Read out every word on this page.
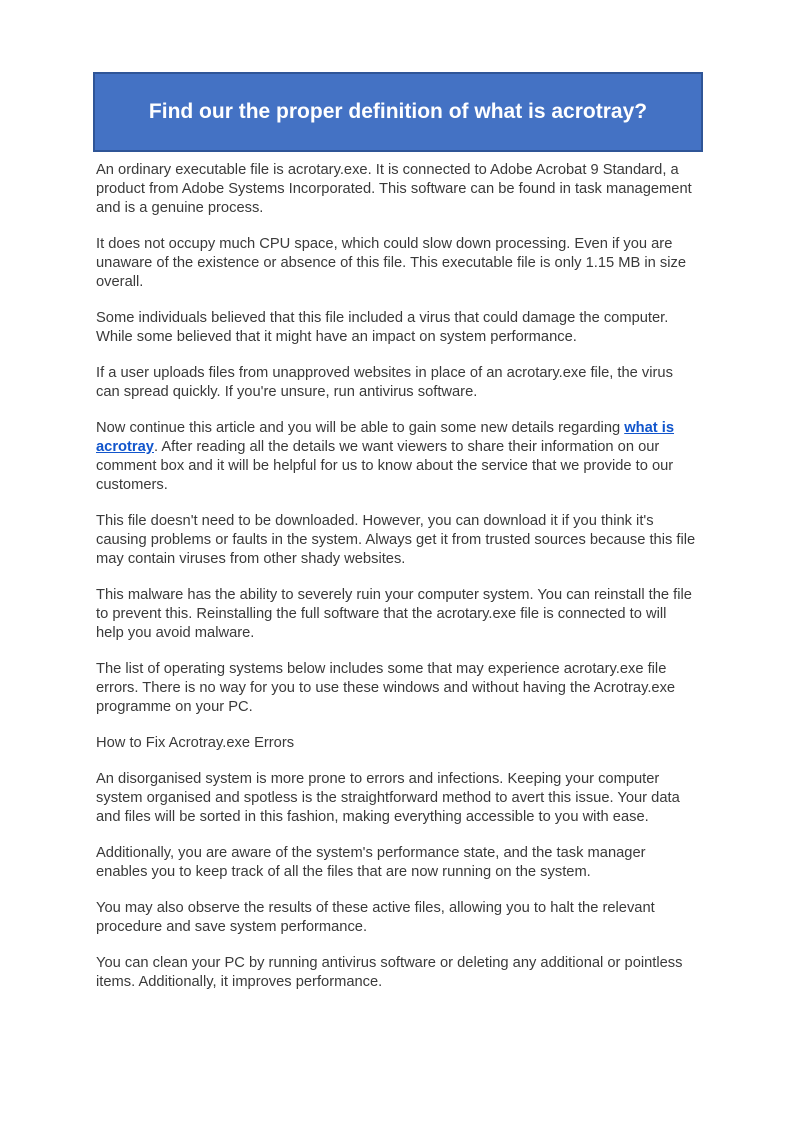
Find our the proper definition of what is acrotray?

An ordinary executable file is acrotary.exe. It is connected to Adobe Acrobat 9 Standard, a product from Adobe Systems Incorporated. This software can be found in task management and is a genuine process.

It does not occupy much CPU space, which could slow down processing. Even if you are unaware of the existence or absence of this file. This executable file is only 1.15 MB in size overall.

Some individuals believed that this file included a virus that could damage the computer. While some believed that it might have an impact on system performance.

If a user uploads files from unapproved websites in place of an acrotary.exe file, the virus can spread quickly. If you're unsure, run antivirus software.

Now continue this article and you will be able to gain some new details regarding what is acrotray. After reading all the details we want viewers to share their information on our comment box and it will be helpful for us to know about the service that we provide to our customers.

This file doesn't need to be downloaded. However, you can download it if you think it's causing problems or faults in the system. Always get it from trusted sources because this file may contain viruses from other shady websites.

This malware has the ability to severely ruin your computer system. You can reinstall the file to prevent this. Reinstalling the full software that the acrotary.exe file is connected to will help you avoid malware.

The list of operating systems below includes some that may experience acrotary.exe file errors. There is no way for you to use these windows and without having the Acrotray.exe programme on your PC.

How to Fix Acrotray.exe Errors

An disorganised system is more prone to errors and infections. Keeping your computer system organised and spotless is the straightforward method to avert this issue. Your data and files will be sorted in this fashion, making everything accessible to you with ease.

Additionally, you are aware of the system's performance state, and the task manager enables you to keep track of all the files that are now running on the system.

You may also observe the results of these active files, allowing you to halt the relevant procedure and save system performance.

You can clean your PC by running antivirus software or deleting any additional or pointless items. Additionally, it improves performance.
